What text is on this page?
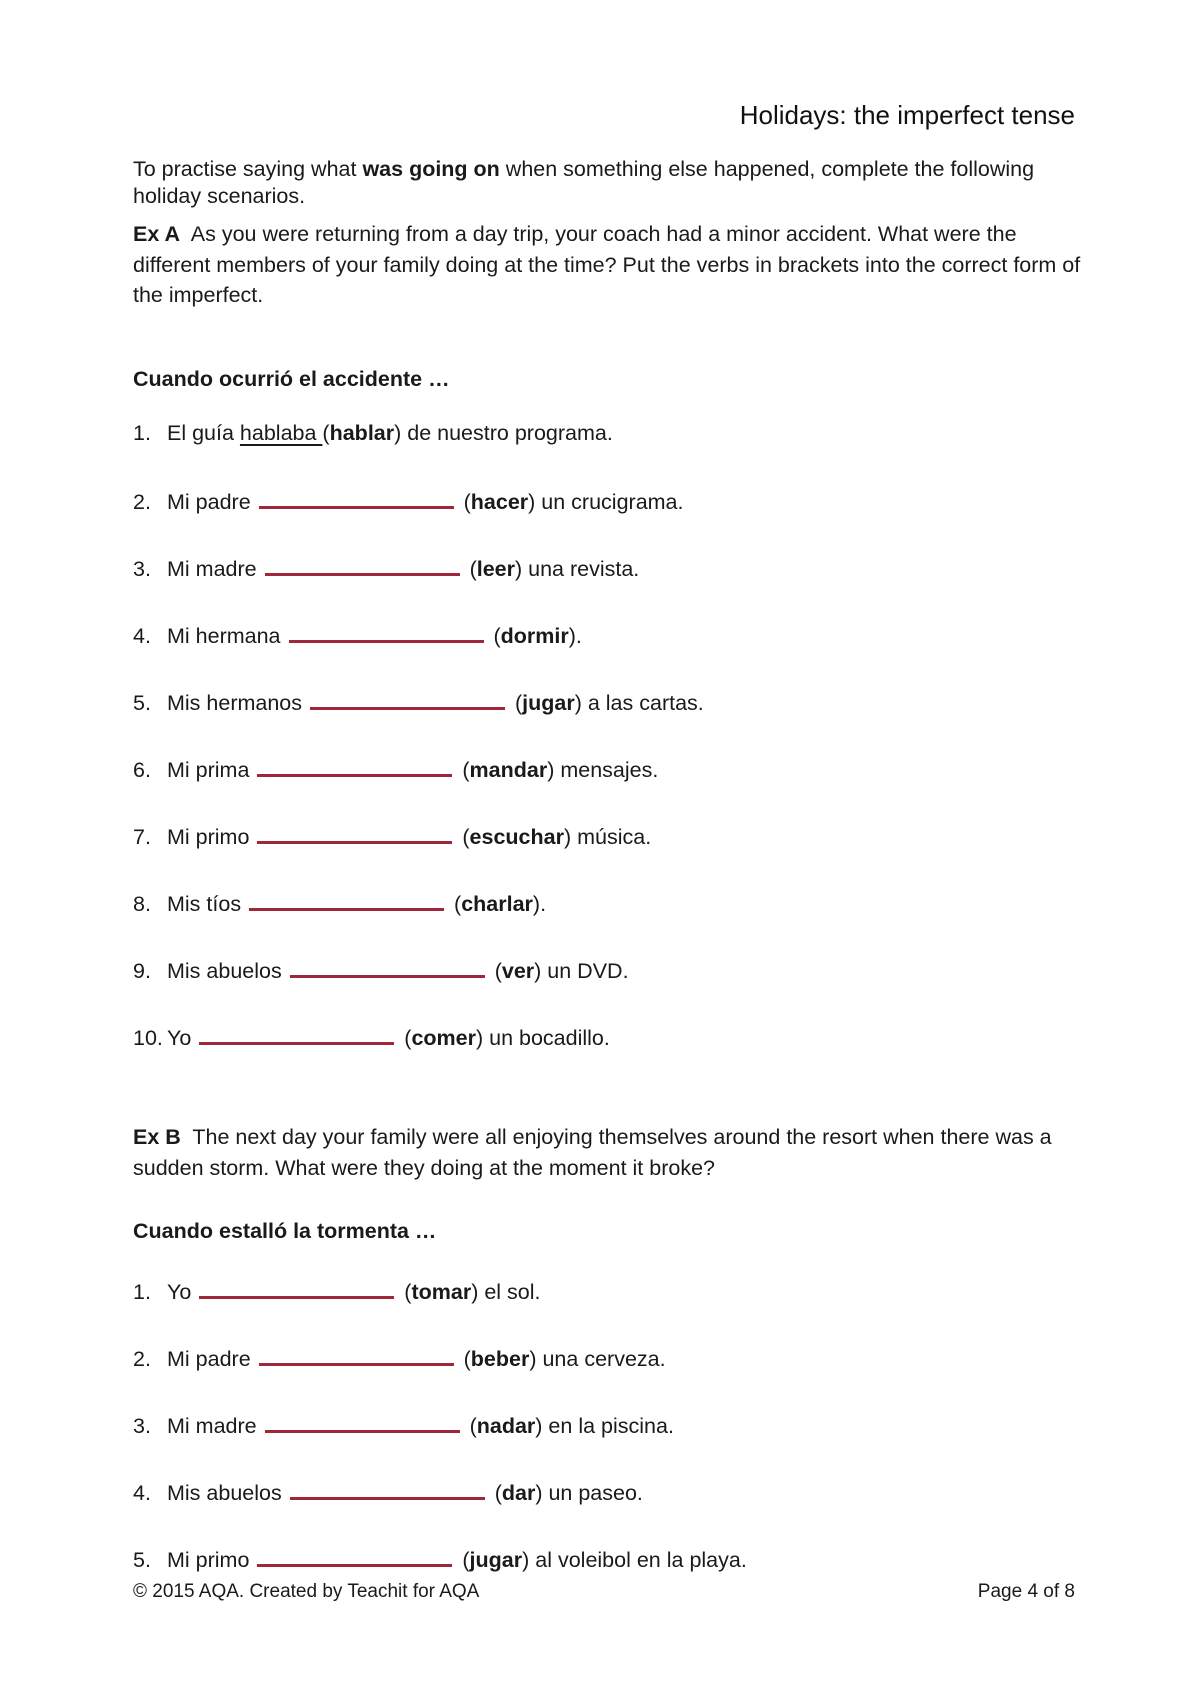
Holidays: the imperfect tense
To practise saying what was going on when something else happened, complete the following holiday scenarios.
Ex A As you were returning from a day trip, your coach had a minor accident. What were the different members of your family doing at the time? Put the verbs in brackets into the correct form of the imperfect.
Cuando ocurrió el accidente …
1. El guía hablaba (hablar) de nuestro programa.
2. Mi padre	(hacer) un crucigrama.
3. Mi madre	(leer) una revista.
4. Mi hermana	(dormir).
5. Mis hermanos	(jugar) a las cartas.
6. Mi prima	(mandar) mensajes.
7. Mi primo	(escuchar) música.
8. Mis tíos	(charlar).
9. Mis abuelos	(ver) un DVD.
10. Yo	(comer) un bocadillo.
Ex B The next day your family were all enjoying themselves around the resort when there was a sudden storm. What were they doing at the moment it broke?
Cuando estalló la tormenta …
1. Yo	(tomar) el sol.
2. Mi padre	(beber) una cerveza.
3. Mi madre	(nadar) en la piscina.
4. Mis abuelos	(dar) un paseo.
5. Mi primo	(jugar) al voleibol en la playa.
© 2015 AQA. Created by Teachit for AQA	Page 4 of 8
